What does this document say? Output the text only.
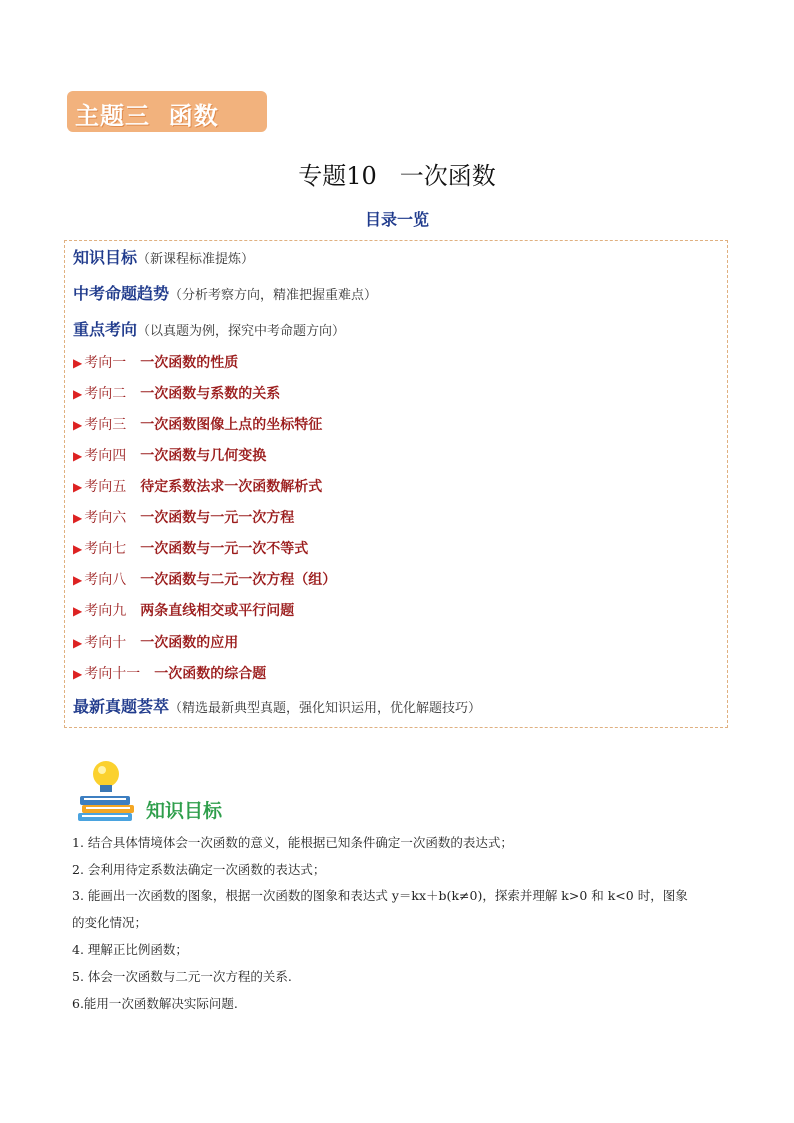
主题三  函数
专题10   一次函数
目录一览
知识目标（新课程标准提炼）
中考命题趋势（分析考察方向，精准把握重难点）
重点考向（以真题为例，探究中考命题方向）
▶ 考向一 一次函数的性质
▶ 考向二 一次函数与系数的关系
▶ 考向三 一次函数图像上点的坐标特征
▶ 考向四 一次函数与几何变换
▶ 考向五 待定系数法求一次函数解析式
▶ 考向六 一次函数与一元一次方程
▶ 考向七 一次函数与一元一次不等式
▶ 考向八 一次函数与二元一次方程（组）
▶ 考向九 两条直线相交或平行问题
▶ 考向十 一次函数的应用
▶ 考向十一 一次函数的综合题
最新真题荟萃（精选最新典型真题，强化知识运用，优化解题技巧）
知识目标
1. 结合具体情境体会一次函数的意义，能根据已知条件确定一次函数的表达式；
2. 会利用待定系数法确定一次函数的表达式；
3. 能画出一次函数的图象，根据一次函数的图象和表达式 y＝kx＋b(k≠0)，探索并理解 k>0 和 k<0 时，图象
的变化情况；
4. 理解正比例函数；
5. 体会一次函数与二元一次方程的关系.
6.能用一次函数解决实际问题.
